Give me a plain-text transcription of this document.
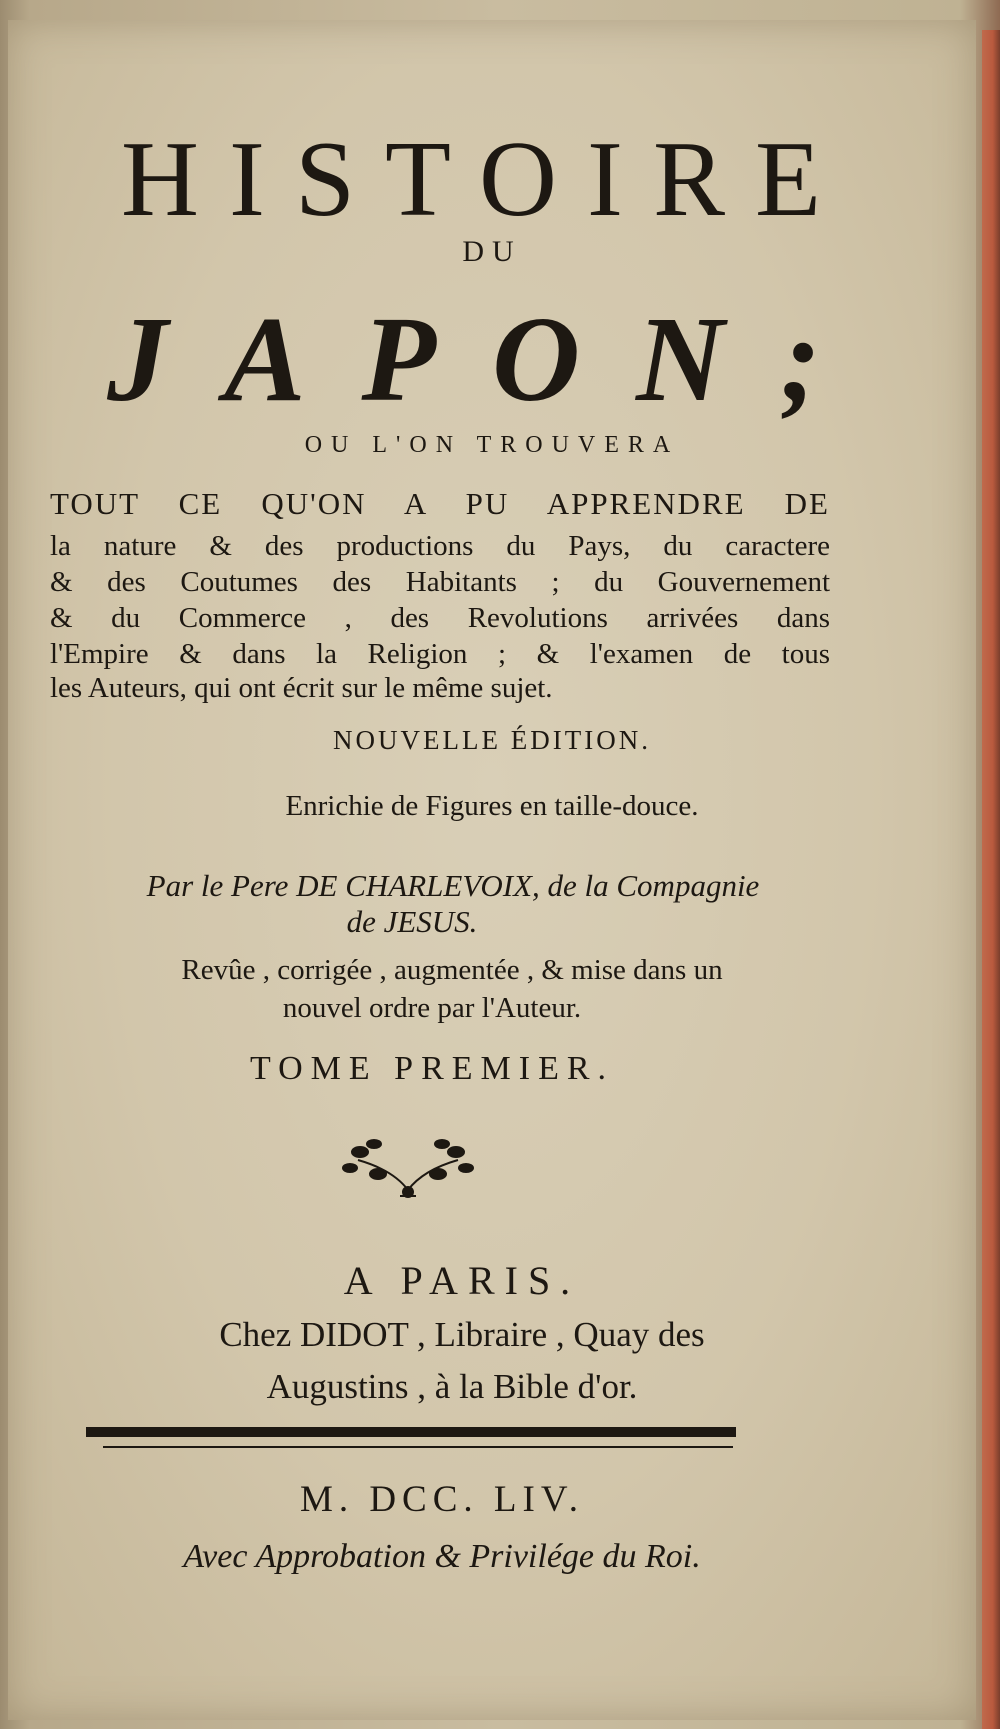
HISTOIRE
DU
JAPON;
OU L'ON TROUVERA
TOUT CE QU'ON A PU APPRENDRE DE
la nature & des productions du Pays, du caractere
& des Coutumes des Habitants ; du Gouvernement
& du Commerce , des Revolutions arrivées dans
l'Empire & dans la Religion ; & l'examen de tous
les Auteurs, qui ont écrit sur le même sujet.
NOUVELLE ÉDITION.
Enrichie de Figures en taille-douce.
Par le Pere DE CHARLEVOIX, de la Compagnie
de JESUS.
Revûe , corrigée , augmentée , & mise dans un
nouvel ordre par l'Auteur.
TOME PREMIER.
A PARIS.
Chez DIDOT , Libraire , Quay des
Augustins , à la Bible d'or.
M. DCC. LIV.
Avec Approbation & Privilége du Roi.
